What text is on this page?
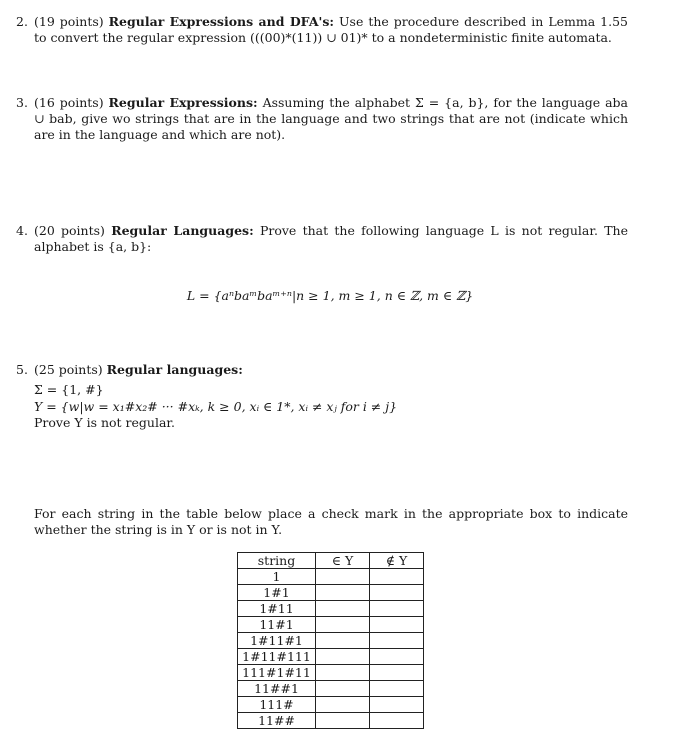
2. (19 points) Regular Expressions and DFA's: Use the procedure described in Lemma 1.55 to convert the regular expression (((00)*(11)) ∪ 01)* to a nondeterministic finite automata.
3. (16 points) Regular Expressions: Assuming the alphabet Σ = {a, b}, for the language aba ∪ bab, give wo strings that are in the language and two strings that are not (indicate which are in the language and which are not).
4. (20 points) Regular Languages: Prove that the following language L is not regular. The alphabet is {a, b}:
L = {aⁿbaᵐbaᵐ⁺ⁿ|n ≥ 1, m ≥ 1, n ∈ ℤ, m ∈ ℤ}
5. (25 points) Regular languages:
Σ = {1, #}
Y = {w|w = x₁#x₂# ··· #xₖ, k ≥ 0, xᵢ ∈ 1*, xᵢ ≠ xⱼ for i ≠ j}
Prove Y is not regular.
For each string in the table below place a check mark in the appropriate box to indicate whether the string is in Y or is not in Y.
string	∈ Y	∉ Y
1		
1#1		
1#11		
11#1		
1#11#1		
1#11#111		
111#1#11		
11##1		
111#		
11##		
